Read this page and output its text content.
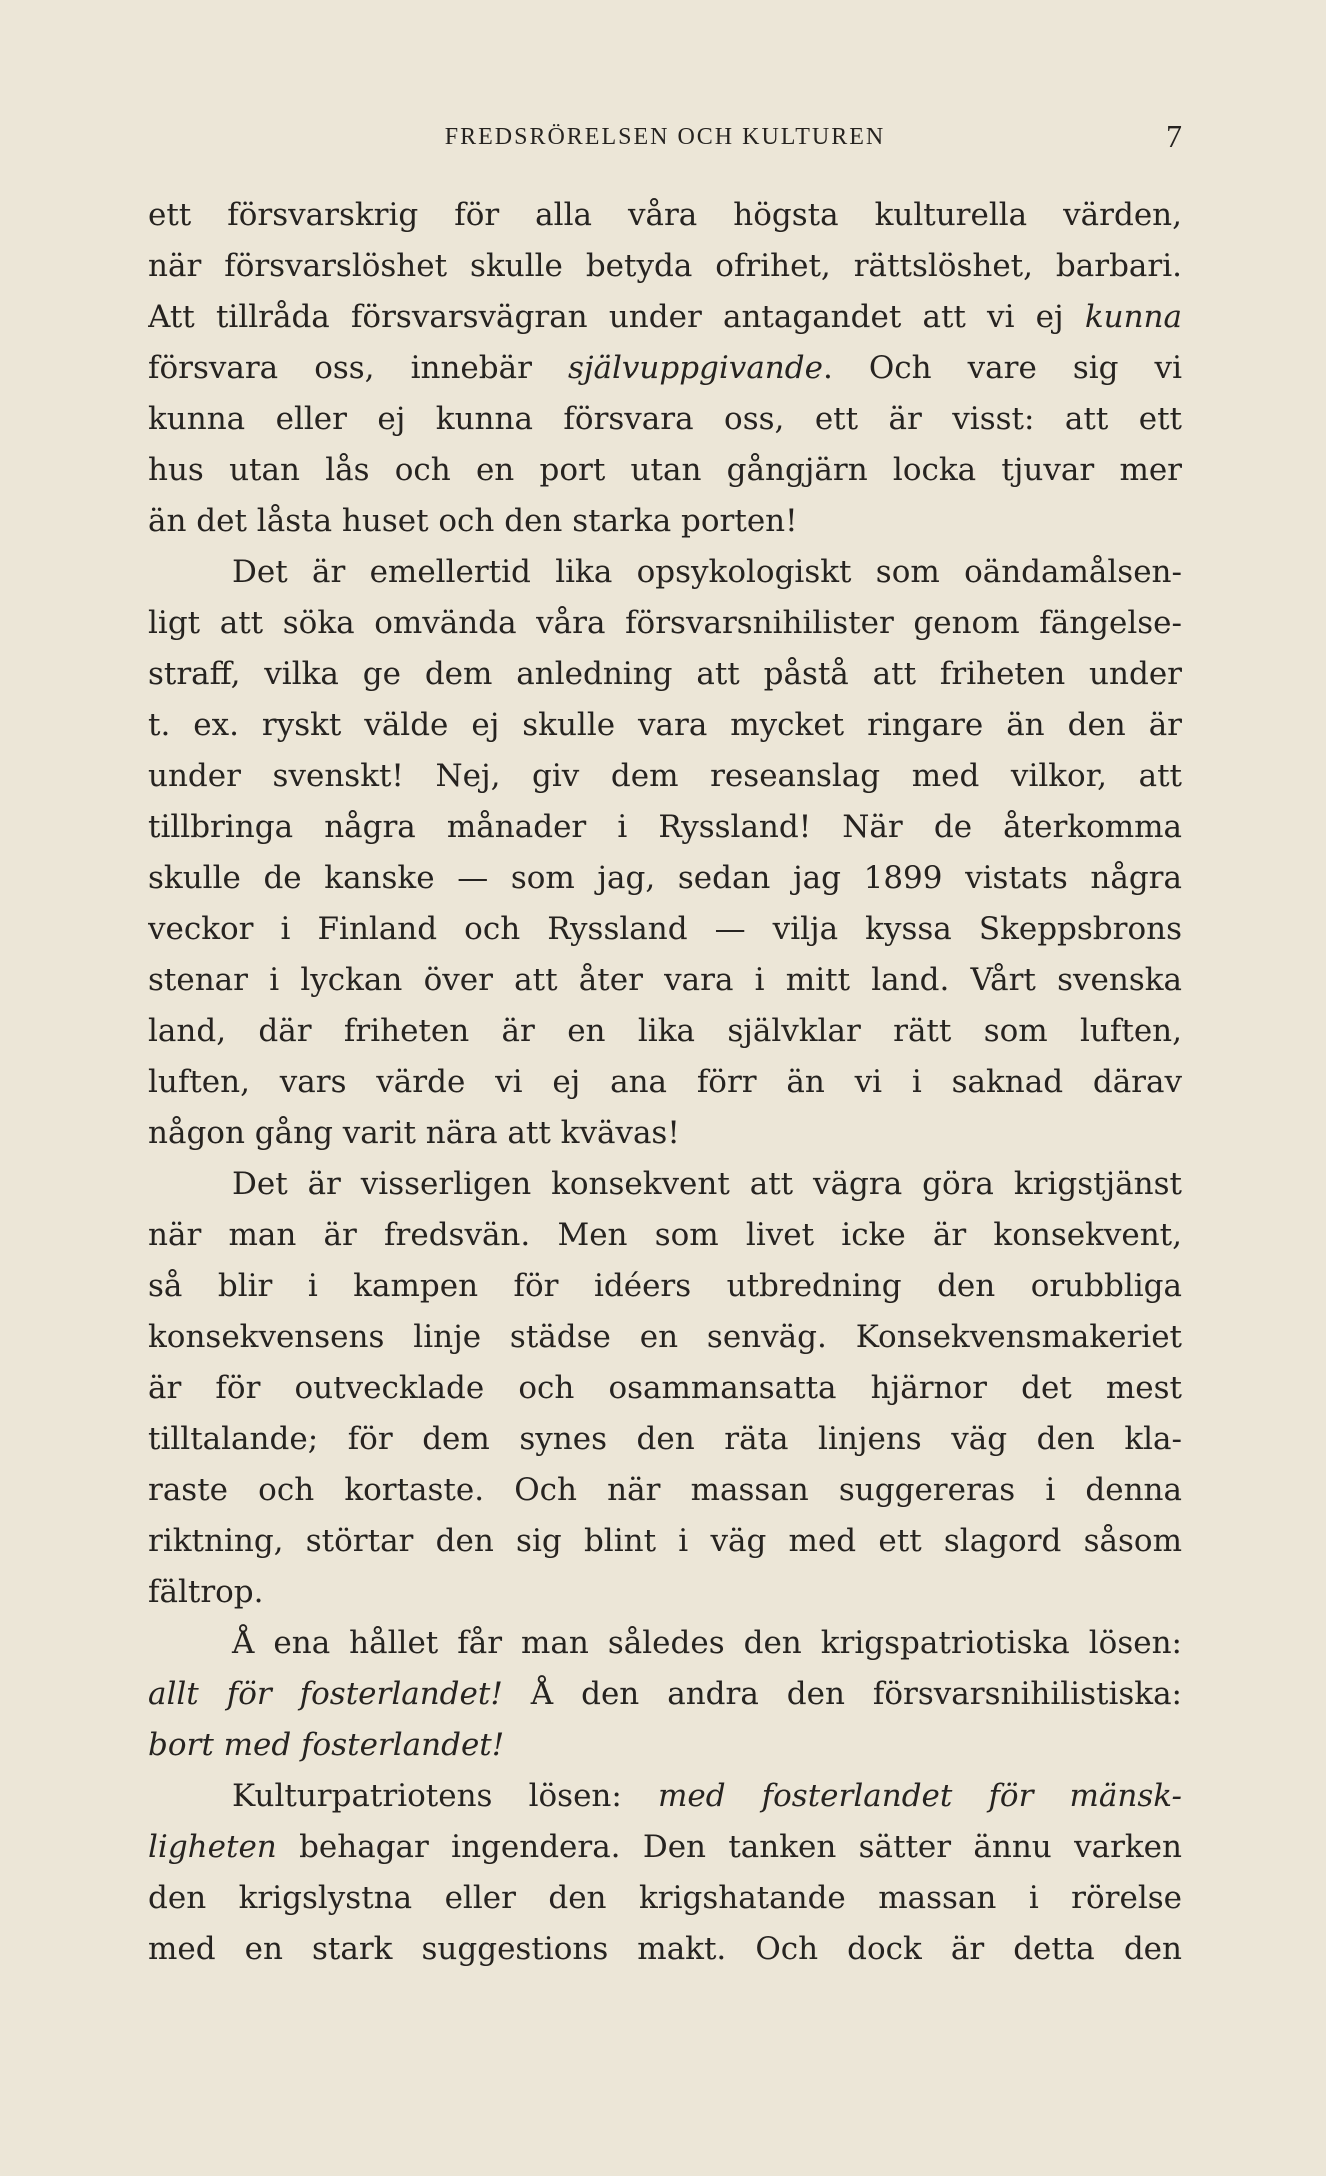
FREDSRÖRELSEN OCH KULTUREN	7
ett försvarskrig för alla våra högsta kulturella värden,
när försvarslöshet skulle betyda ofrihet, rättslöshet, barbari.
Att tillråda försvarsvägran under antagandet att vi ej kunna
försvara oss, innebär självuppgivande. Och vare sig vi
kunna eller ej kunna försvara oss, ett är visst: att ett
hus utan lås och en port utan gångjärn locka tjuvar mer
än det låsta huset och den starka porten!
Det är emellertid lika opsykologiskt som oändamålsen-
ligt att söka omvända våra försvarsnihilister genom fängelse-
straff, vilka ge dem anledning att påstå att friheten under
t. ex. ryskt välde ej skulle vara mycket ringare än den är
under svenskt! Nej, giv dem reseanslag med vilkor, att
tillbringa några månader i Ryssland! När de återkomma
skulle de kanske — som jag, sedan jag 1899 vistats några
veckor i Finland och Ryssland — vilja kyssa Skeppsbrons
stenar i lyckan över att åter vara i mitt land. Vårt svenska
land, där friheten är en lika självklar rätt som luften,
luften, vars värde vi ej ana förr än vi i saknad därav
någon gång varit nära att kvävas!
Det är visserligen konsekvent att vägra göra krigstjänst
när man är fredsvän. Men som livet icke är konsekvent,
så blir i kampen för idéers utbredning den orubbliga
konsekvensens linje städse en senväg. Konsekvensmakeriet
är för outvecklade och osammansatta hjärnor det mest
tilltalande; för dem synes den räta linjens väg den kla-
raste och kortaste. Och när massan suggereras i denna
riktning, störtar den sig blint i väg med ett slagord såsom
fältrop.
Å ena hållet får man således den krigspatriotiska lösen:
allt för fosterlandet! Å den andra den försvarsnihilistiska:
bort med fosterlandet!
Kulturpatriotens lösen: med fosterlandet för mänsk-
ligheten behagar ingendera. Den tanken sätter ännu varken
den krigslystna eller den krigshatande massan i rörelse
med en stark suggestions makt. Och dock är detta den
